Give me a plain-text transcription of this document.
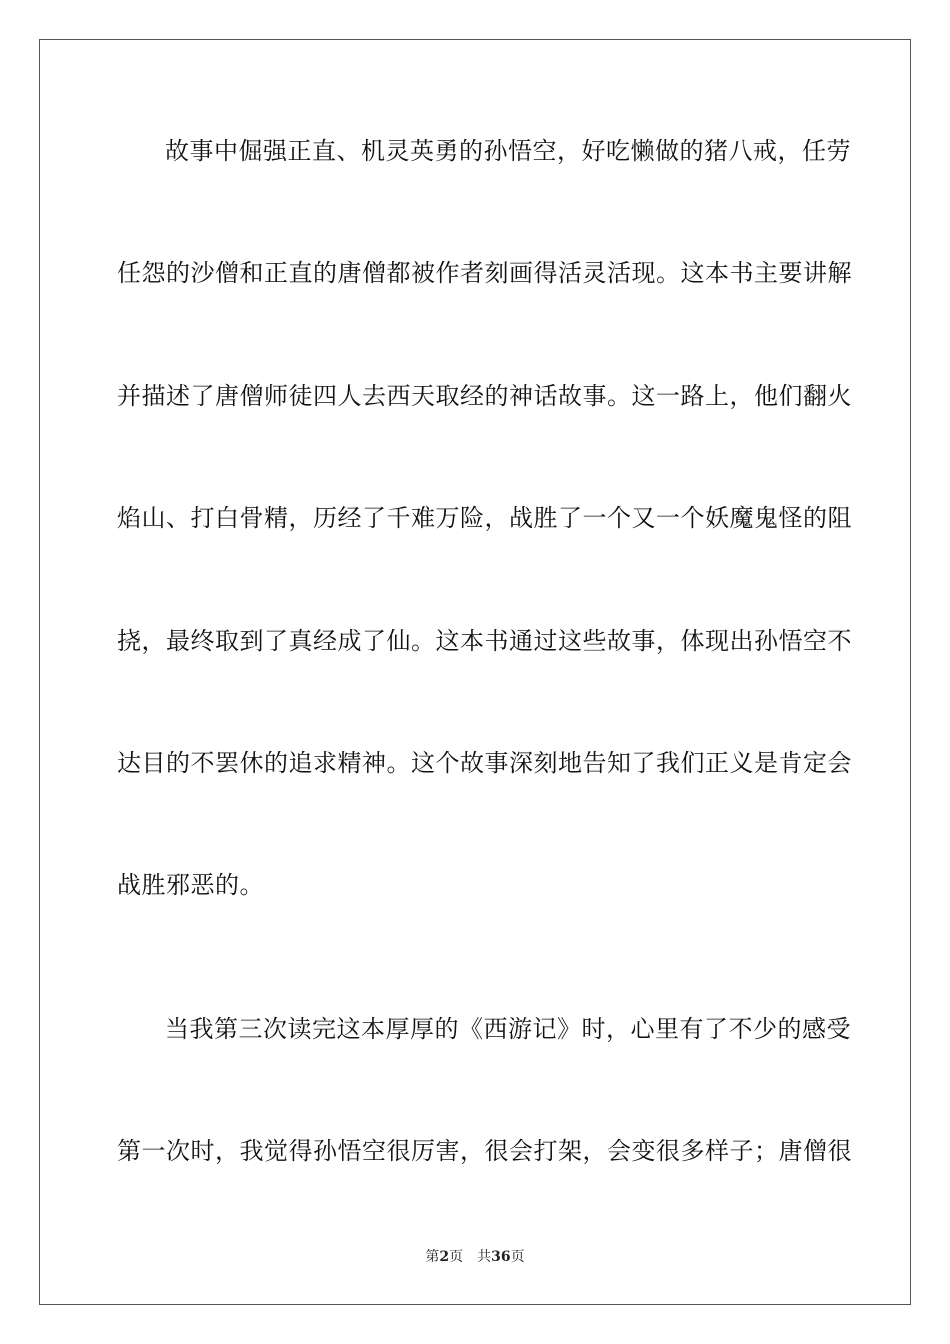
故事中倔强正直、机灵英勇的孙悟空，好吃懒做的猪八戒，任劳
任怨的沙僧和正直的唐僧都被作者刻画得活灵活现。这本书主要讲解
并描述了唐僧师徒四人去西天取经的神话故事。这一路上，他们翻火
焰山、打白骨精，历经了千难万险，战胜了一个又一个妖魔鬼怪的阻
挠，最终取到了真经成了仙。这本书通过这些故事，体现出孙悟空不
达目的不罢休的追求精神。这个故事深刻地告知了我们正义是肯定会
战胜邪恶的。
当我第三次读完这本厚厚的《西游记》时，心里有了不少的感受
第一次时，我觉得孙悟空很厉害，很会打架，会变很多样子；唐僧很
第2页 共36页
